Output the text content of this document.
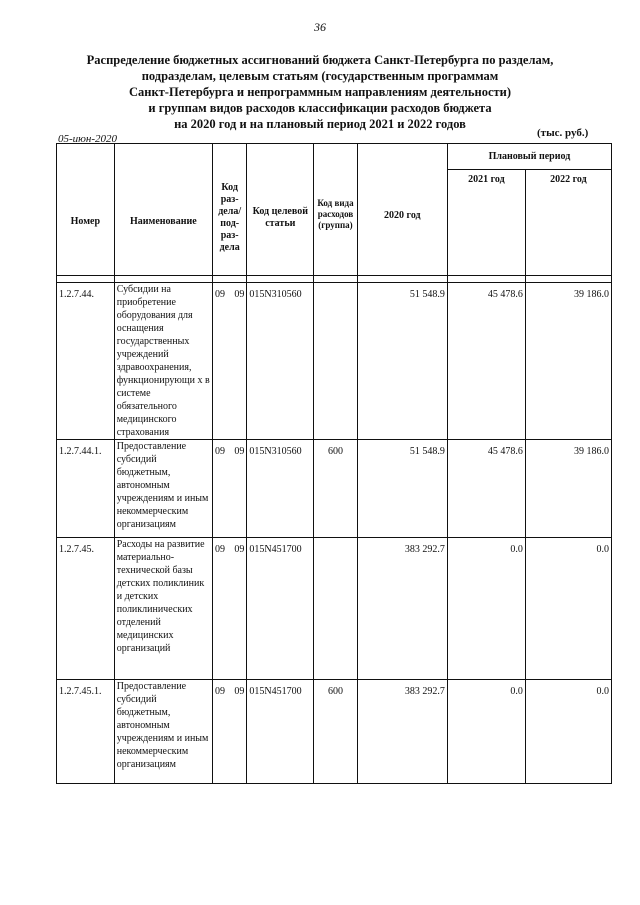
36
Распределение бюджетных ассигнований бюджета Санкт-Петербурга по разделам,
подразделам, целевым статьям (государственным программам
Санкт-Петербурга и непрограммным направлениям деятельности)
и группам видов расходов классификации расходов бюджета
на 2020 год и на плановый период 2021 и 2022 годов
05-июн-2020	(тыс. руб.)
Номер	Наименование	Код раз-дела/ под-раз-дела	Код целевой статьи	Код вида расходов (группа)	2020 год	Плановый период	
						2021 год	2022 год

1.2.7.44.	Субсидии на приобретение оборудования для оснащения государственных учреждений здравоохранения, функционирующи х в системе обязательного медицинского страхования	09 09	015N310560		51 548.9	45 478.6	39 186.0
1.2.7.44.1.	Предоставление субсидий бюджетным, автономным учреждениям и иным некоммерческим организациям	09 09	015N310560	600	51 548.9	45 478.6	39 186.0
1.2.7.45.	Расходы на развитие материально-технической базы детских поликлиник и детских поликлинических отделений медицинских организаций	09 09	015N451700		383 292.7	0.0	0.0
1.2.7.45.1.	Предоставление субсидий бюджетным, автономным учреждениям и иным некоммерческим организациям	09 09	015N451700	600	383 292.7	0.0	0.0
